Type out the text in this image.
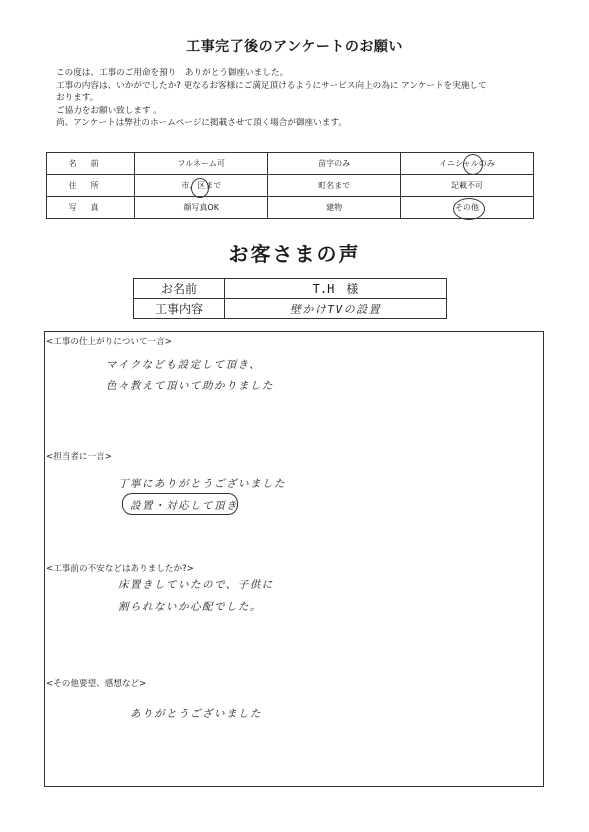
工事完了後のアンケートのお願い
この度は、工事のご用命を預り　ありがとう御座いました。
工事の内容は、いかがでしたか? 更なるお客様にご満足頂けるようにサービス向上の為に アンケートを実施して
おります。
ご協力をお願い致します 。
尚、アンケートは弊社のホームページに掲載させて頂く場合が御座います。
名前	フルネーム可	苗字のみ	イニシャルのみ
住所	市、区まで	町名まで	記載不可
写真	顔写真OK	建物	その他
お客さまの声
お名前	T.H　様
工事内容	壁かけTVの設置
<工事の仕上がりについて一言>
マイクなども設定して頂き、
色々教えて頂いて助かりました
<担当者に一言>
丁寧にありがとうございました
設置・対応して頂き
<工事前の不安などはありましたか?>
床置きしていたので、子供に
割られないか心配でした。
<その他要望、感想など>
ありがとうございました
